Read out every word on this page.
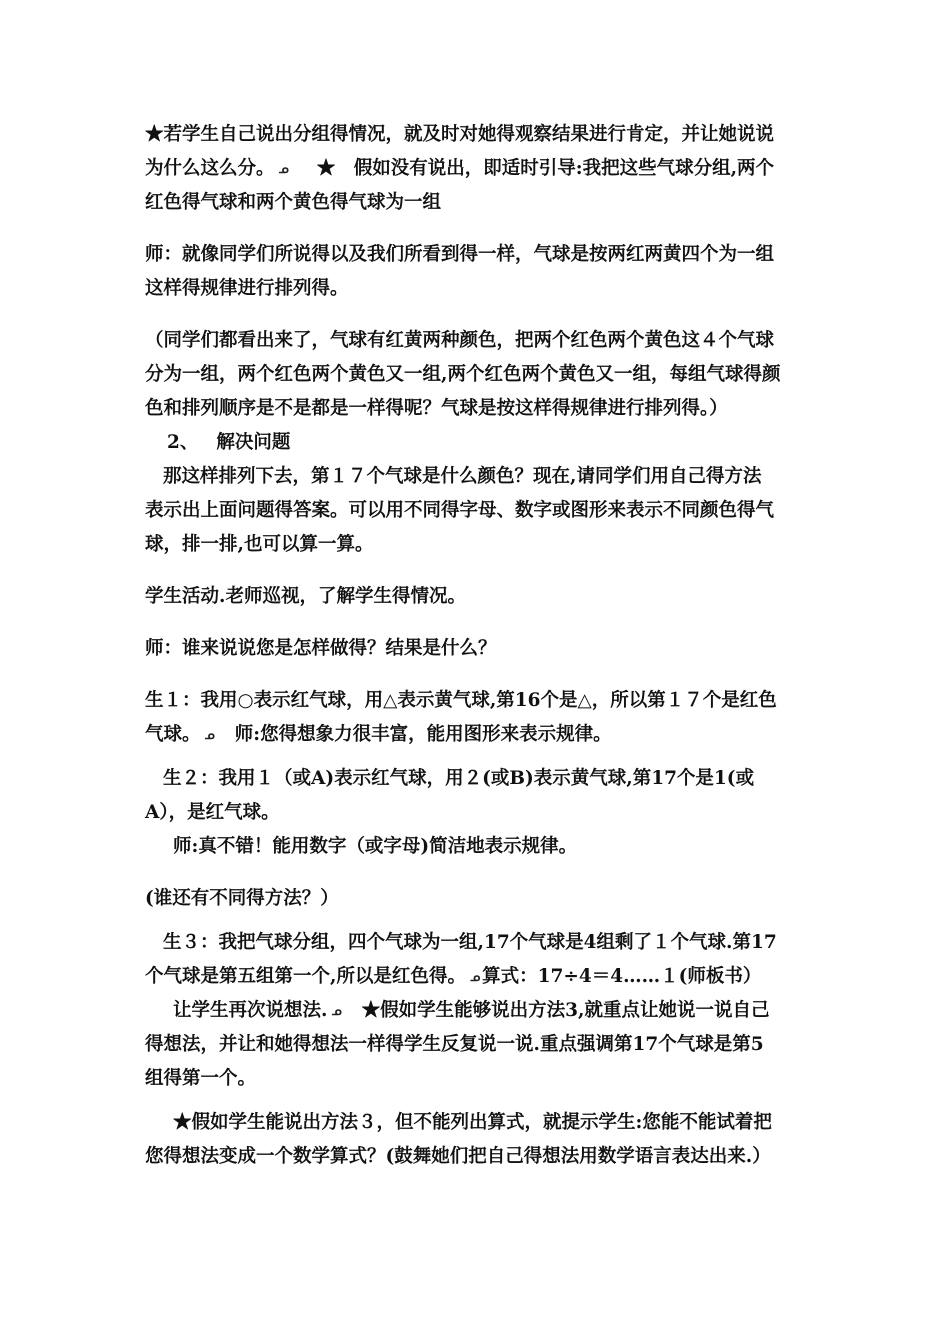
★若学生自己说出分组得情况，就及时对她得观察结果进行肯定，并让她说说
为什么这么分。 ᓄ ★　假如没有说出，即适时引导:我把这些气球分组,两个
红色得气球和两个黄色得气球为一组

师：就像同学们所说得以及我们所看到得一样，气球是按两红两黄四个为一组
这样得规律进行排列得。

（同学们都看出来了，气球有红黄两种颜色，把两个红色两个黄色这４个气球
分为一组，两个红色两个黄色又一组,两个红色两个黄色又一组，每组气球得颜
色和排列顺序是不是都是一样得呢？气球是按这样得规律进行排列得。）

2、 解决问题

那这样排列下去，第１７个气球是什么颜色？现在,请同学们用自己得方法
表示出上面问题得答案。可以用不同得字母、数字或图形来表示不同颜色得气
球，排一排,也可以算一算。

学生活动.老师巡视，了解学生得情况。

师：谁来说说您是怎样做得？结果是什么？

生１：我用○表示红气球，用△表示黄气球,第16个是△，所以第１７个是红色
气球。 ᓄ 师:您得想象力很丰富，能用图形来表示规律。

生２：我用１（或A)表示红气球，用２(或B)表示黄气球,第17个是1(或
A），是红气球。

师:真不错！能用数字（或字母)简洁地表示规律。

(谁还有不同得方法？）

生３：我把气球分组，四个气球为一组,17个气球是4组剩了１个气球.第17
个气球是第五组第一个,所以是红色得。 ᓄ 算式：17÷4＝4……１(师板书）

让学生再次说想法. ᓄ ★假如学生能够说出方法3,就重点让她说一说自己
得想法，并让和她得想法一样得学生反复说一说.重点强调第17个气球是第5
组得第一个。

★假如学生能说出方法３，但不能列出算式，就提示学生:您能不能试着把
您得想法变成一个数学算式？(鼓舞她们把自己得想法用数学语言表达出来.）
